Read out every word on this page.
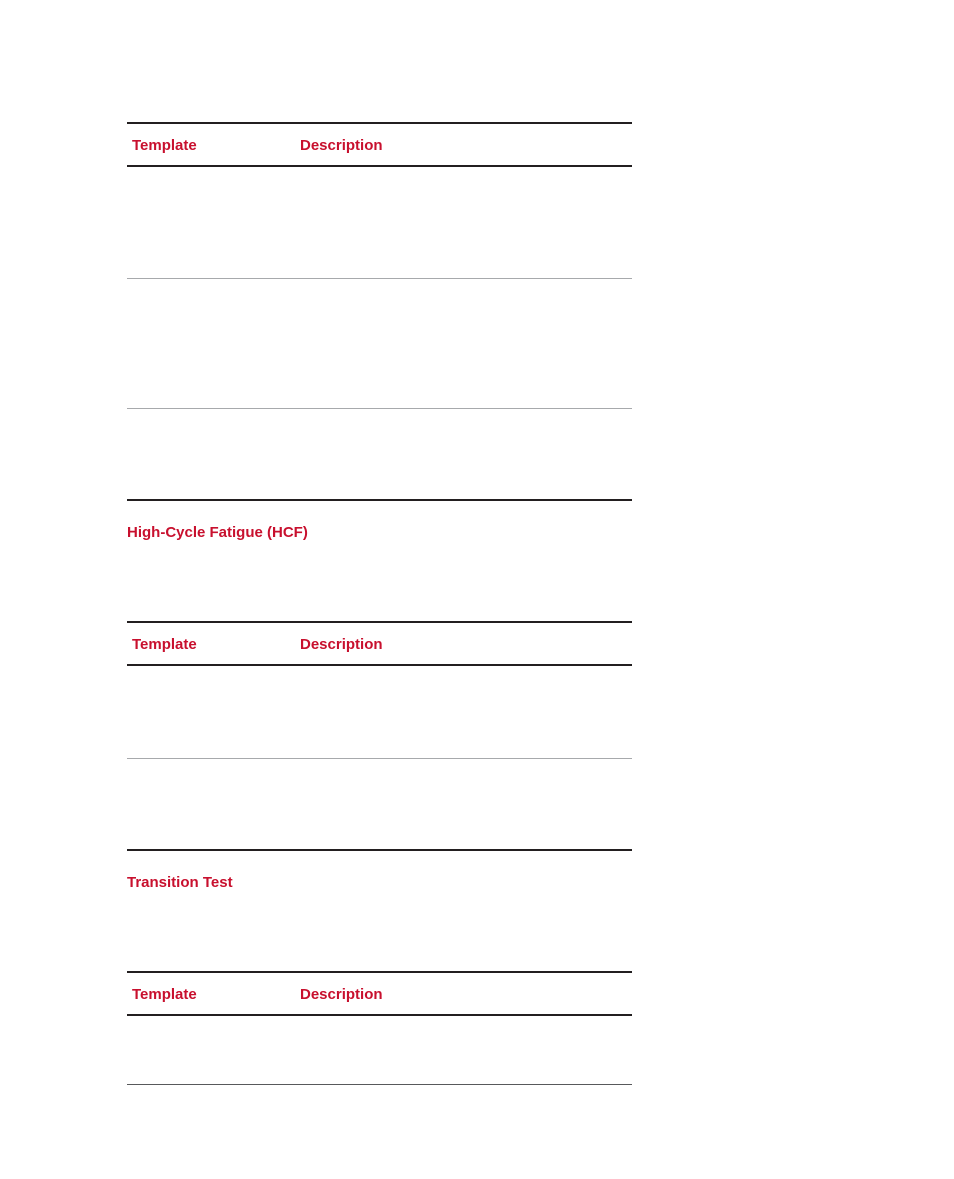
Template	Description
High-Cycle Fatigue (HCF)
Template	Description
Transition Test
Template	Description
